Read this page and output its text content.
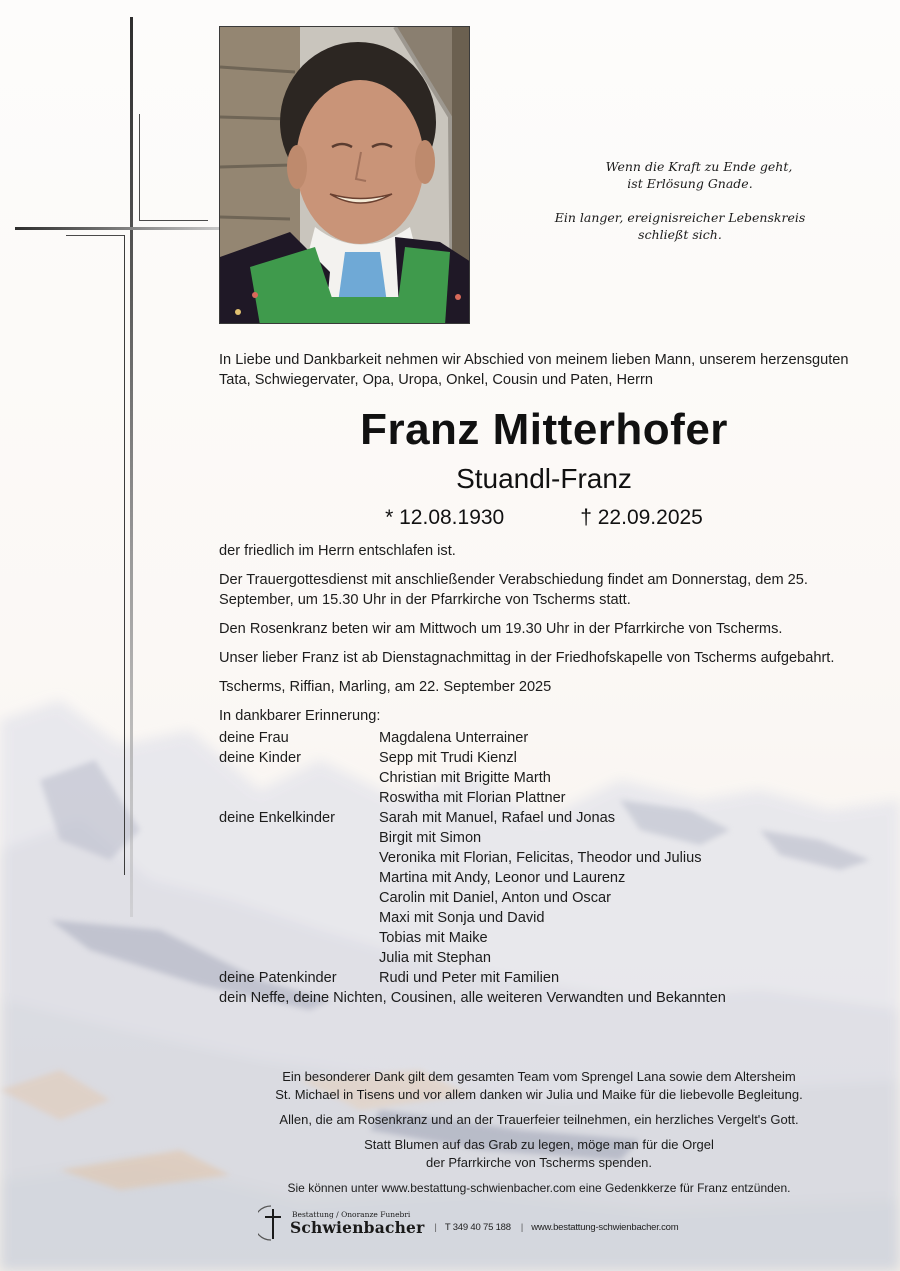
Wenn die Kraft zu Ende geht,
ist Erlösung Gnade.
Ein langer, ereignisreicher Lebenskreis schließt sich.

In Liebe und Dankbarkeit nehmen wir Abschied von meinem lieben Mann, unserem herzensguten Tata, Schwiegervater, Opa, Uropa, Onkel, Cousin und Paten, Herrn

Franz Mitterhofer
Stuandl-Franz
* 12.08.1930	† 22.09.2025

der friedlich im Herrn entschlafen ist.

Der Trauergottesdienst mit anschließender Verabschiedung findet am Donnerstag, dem 25. September, um 15.30 Uhr in der Pfarrkirche von Tscherms statt.

Den Rosenkranz beten wir am Mittwoch um 19.30 Uhr in der Pfarrkirche von Tscherms.

Unser lieber Franz ist ab Dienstagnachmittag in der Friedhofskapelle von Tscherms aufgebahrt.

Tscherms, Riffian, Marling, am 22. September 2025

In dankbarer Erinnerung:

deine Frau	Magdalena Unterrainer
deine Kinder	Sepp mit Trudi Kienzl
Christian mit Brigitte Marth
Roswitha mit Florian Plattner
deine Enkelkinder	Sarah mit Manuel, Rafael und Jonas
Birgit mit Simon
Veronika mit Florian, Felicitas, Theodor und Julius
Martina mit Andy, Leonor und Laurenz
Carolin mit Daniel, Anton und Oscar
Maxi mit Sonja und David
Tobias mit Maike
Julia mit Stephan
deine Patenkinder	Rudi und Peter mit Familien
dein Neffe, deine Nichten, Cousinen, alle weiteren Verwandten und Bekannten

Ein besonderer Dank gilt dem gesamten Team vom Sprengel Lana sowie dem Altersheim
St. Michael in Tisens und vor allem danken wir Julia und Maike für die liebevolle Begleitung.

Allen, die am Rosenkranz und an der Trauerfeier teilnehmen, ein herzliches Vergelt's Gott.

Statt Blumen auf das Grab zu legen, möge man für die Orgel
der Pfarrkirche von Tscherms spenden.

Sie können unter www.bestattung-schwienbacher.com eine Gedenkkerze für Franz entzünden.

Bestattung / Onoranze Funebri
Schwienbacher | T 349 40 75 188 | www.bestattung-schwienbacher.com
